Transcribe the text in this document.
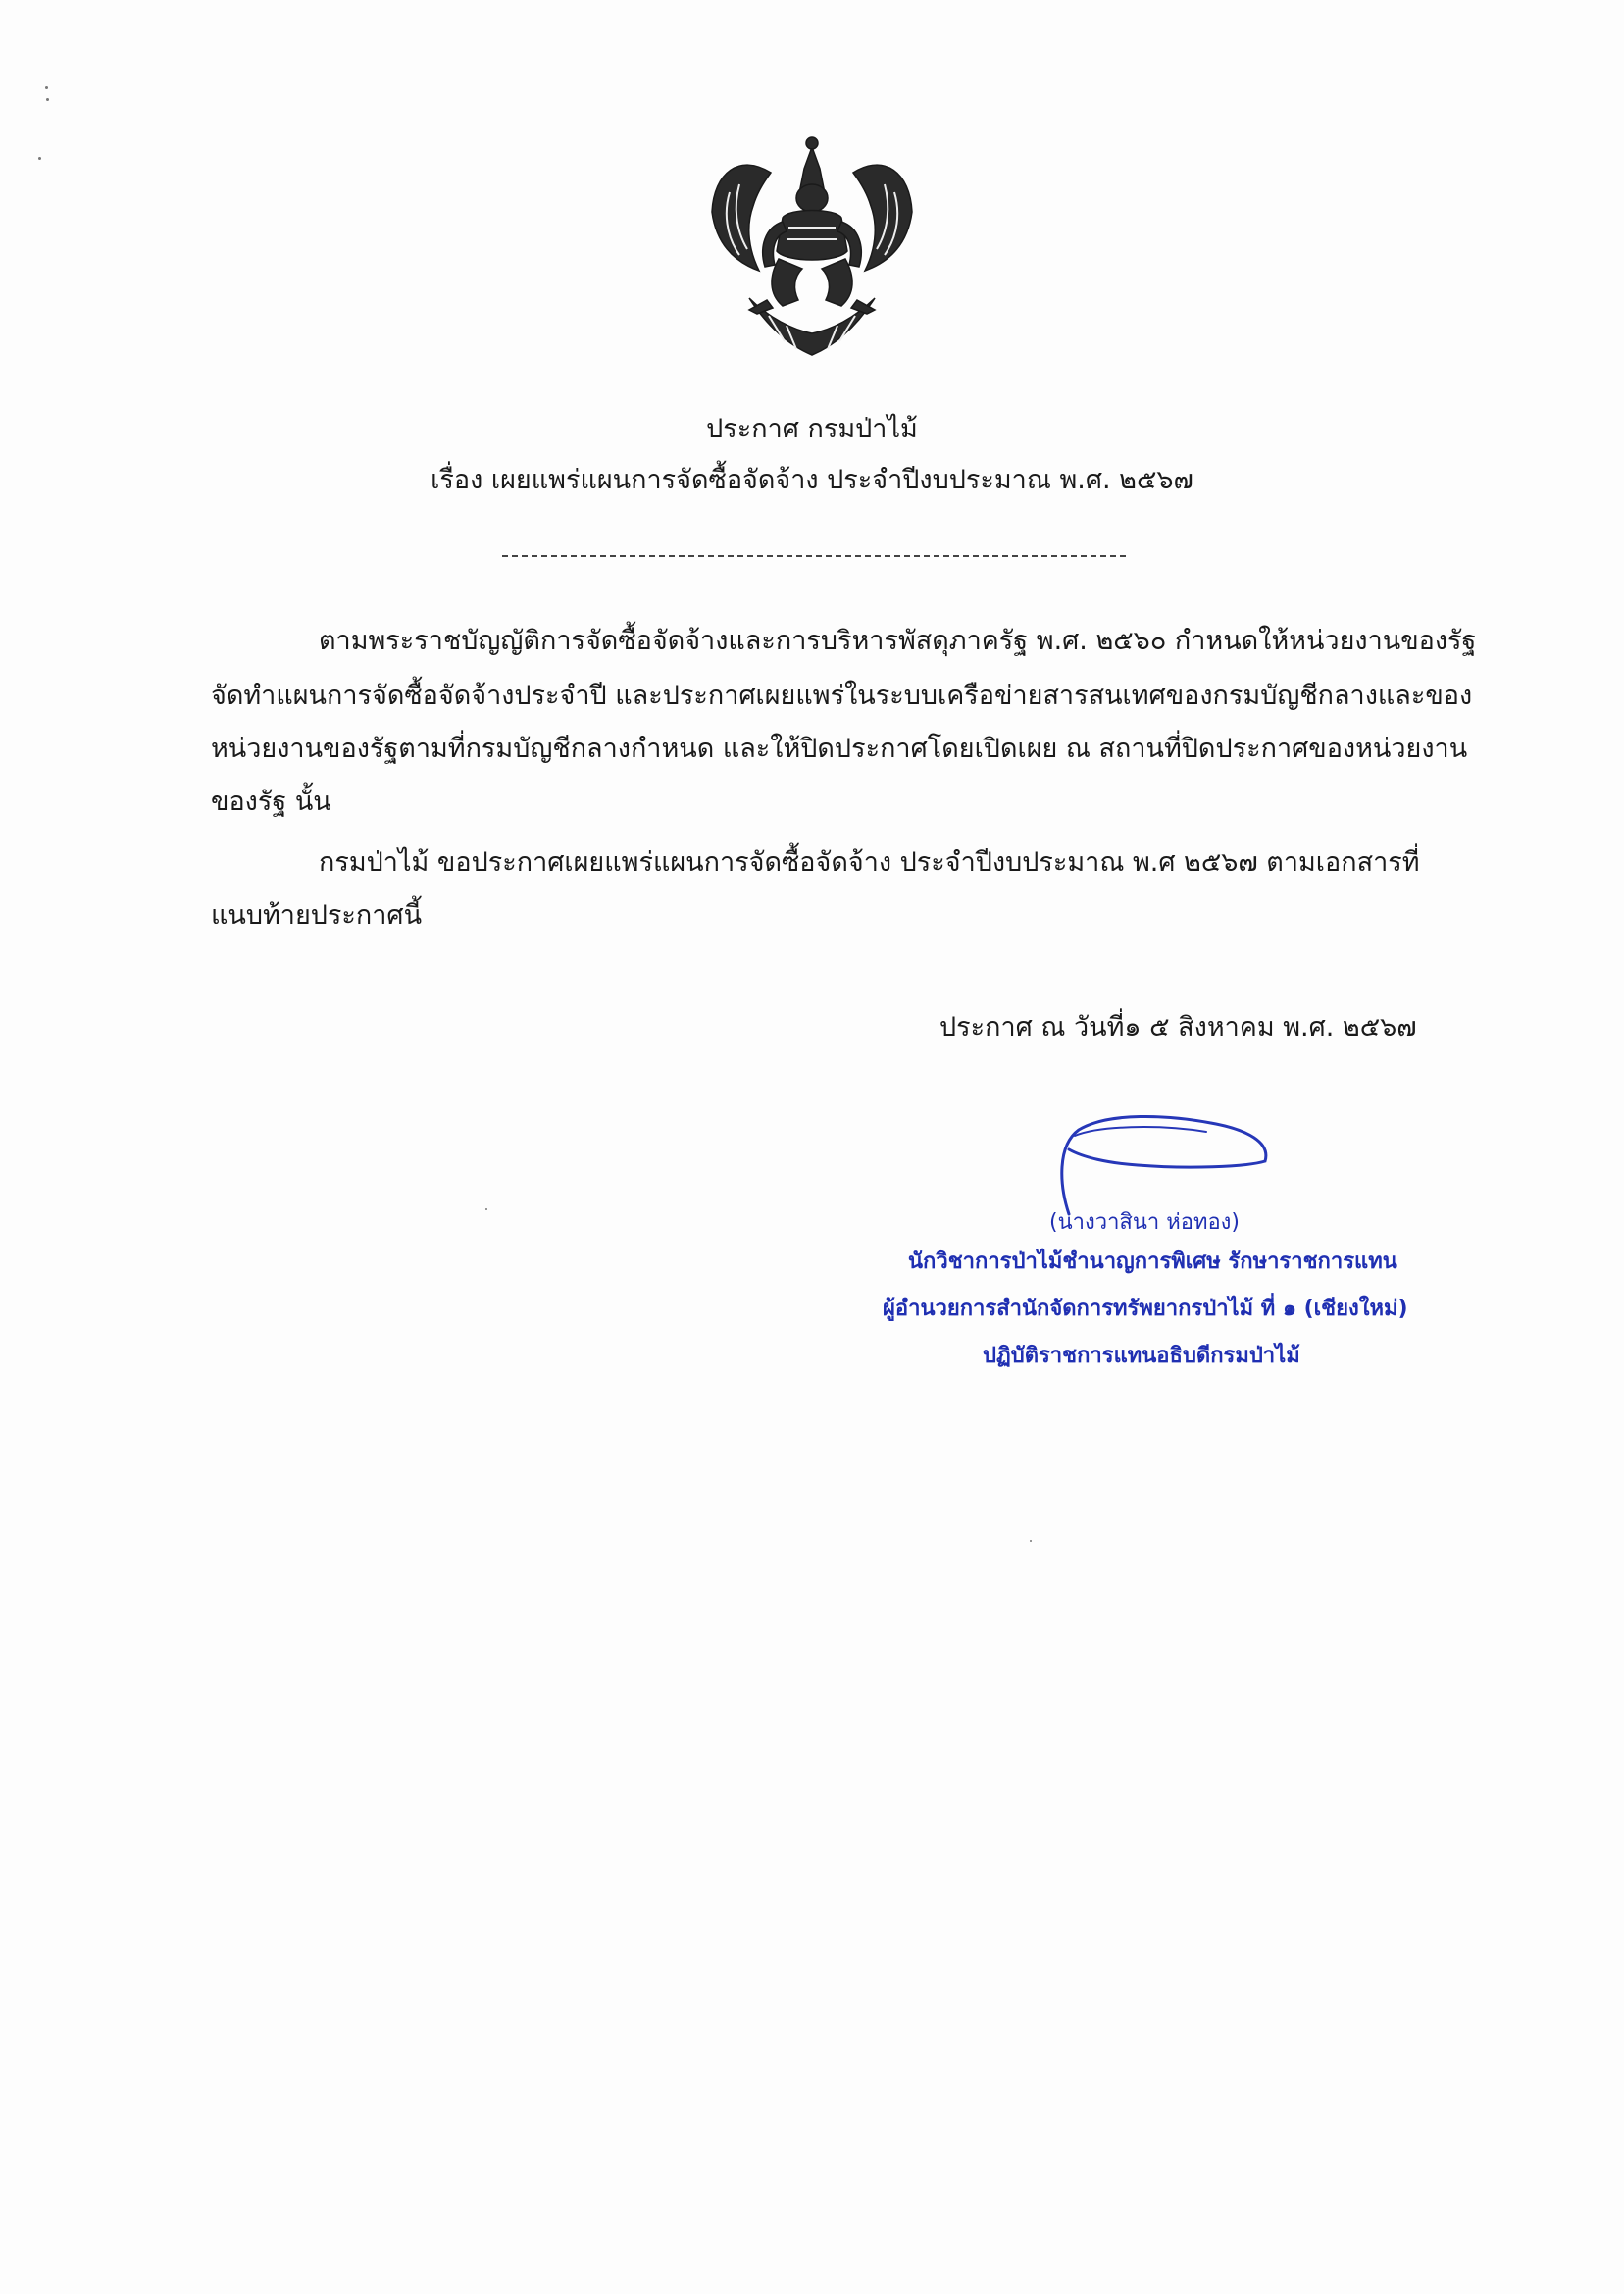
ประกาศ กรมป่าไม้
เรื่อง เผยแพร่แผนการจัดซื้อจัดจ้าง ประจำปีงบประมาณ พ.ศ. ๒๕๖๗
ตามพระราชบัญญัติการจัดซื้อจัดจ้างและการบริหารพัสดุภาครัฐ พ.ศ. ๒๕๖๐ กำหนดให้หน่วยงานของรัฐ
จัดทำแผนการจัดซื้อจัดจ้างประจำปี และประกาศเผยแพร่ในระบบเครือข่ายสารสนเทศของกรมบัญชีกลางและของ
หน่วยงานของรัฐตามที่กรมบัญชีกลางกำหนด และให้ปิดประกาศโดยเปิดเผย ณ สถานที่ปิดประกาศของหน่วยงาน
ของรัฐ นั้น
กรมป่าไม้ ขอประกาศเผยแพร่แผนการจัดซื้อจัดจ้าง ประจำปีงบประมาณ พ.ศ ๒๕๖๗ ตามเอกสารที่
แนบท้ายประกาศนี้
ประกาศ ณ วันที่๑ ๕ สิงหาคม พ.ศ. ๒๕๖๗
(นางวาสินา ห่อทอง)
นักวิชาการป่าไม้ชำนาญการพิเศษ รักษาราชการแทน
ผู้อำนวยการสำนักจัดการทรัพยากรป่าไม้ ที่ ๑ (เชียงใหม่)
ปฏิบัติราชการแทนอธิบดีกรมป่าไม้
